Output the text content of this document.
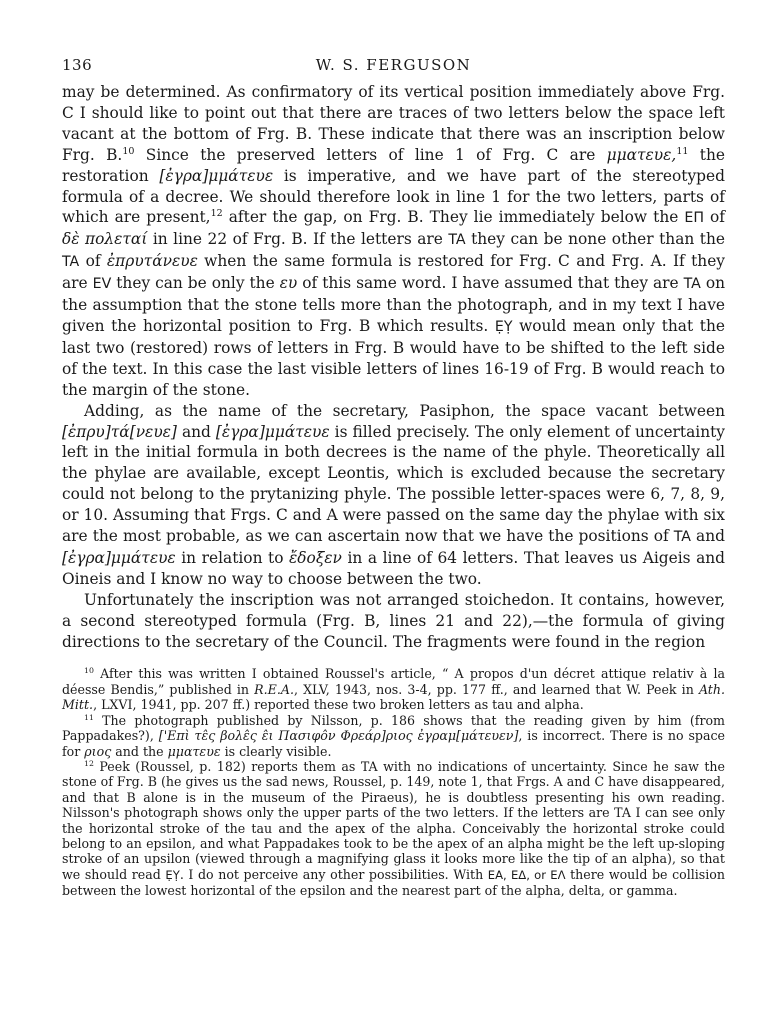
136	W. S. FERGUSON

may be determined. As confirmatory of its vertical position immediately above Frg. C I should like to point out that there are traces of two letters below the space left vacant at the bottom of Frg. B. These indicate that there was an inscription below Frg. B.$^{10}$ Since the preserved letters of line 1 of Frg. C are μματευε,$^{11}$ the restoration [ἐγρα]μμάτευε is imperative, and we have part of the stereotyped formula of a decree. We should therefore look in line 1 for the two letters, parts of which are present,$^{12}$ after the gap, on Frg. B. They lie immediately below the ΕΠ of δὲ πολεταί in line 22 of Frg. B. If the letters are TA they can be none other than the TA of ἐπρυτάνευε when the same formula is restored for Frg. C and Frg. A. If they are EV they can be only the ευ of this same word. I have assumed that they are TA on the assumption that the stone tells more than the photograph, and in my text I have given the horizontal position to Frg. B which results. ẸỴ would mean only that the last two (restored) rows of letters in Frg. B would have to be shifted to the left side of the text. In this case the last visible letters of lines 16-19 of Frg. B would reach to the margin of the stone.

Adding, as the name of the secretary, Pasiphon, the space vacant between [ἐπρυ]τά[νευε] and [ἐγρα]μμάτευε is filled precisely. The only element of uncertainty left in the initial formula in both decrees is the name of the phyle. Theoretically all the phylae are available, except Leontis, which is excluded because the secretary could not belong to the prytanizing phyle. The possible letter-spaces were 6, 7, 8, 9, or 10. Assuming that Frgs. C and A were passed on the same day the phylae with six are the most probable, as we can ascertain now that we have the positions of TA and [ἐγρα]μμάτευε in relation to ἔδοξεν in a line of 64 letters. That leaves us Aigeis and Oineis and I know no way to choose between the two.

Unfortunately the inscription was not arranged stoichedon. It contains, however, a second stereotyped formula (Frg. B, lines 21 and 22),—the formula of giving directions to the secretary of the Council. The fragments were found in the region

$^{10}$ After this was written I obtained Roussel's article, “ A propos d'un décret attique relativ à la déesse Bendis,” published in R.E.A., XLV, 1943, nos. 3-4, pp. 177 ff., and learned that W. Peek in Ath. Mitt., LXVI, 1941, pp. 207 ff.) reported these two broken letters as tau and alpha.

$^{11}$ The photograph published by Nilsson, p. 186 shows that the reading given by him (from Pappadakes?), ['Επὶ τε̂ς βολε̂ς ε̂ι Πασιφο̂ν Φρεάρ]ριος ἐγραμ[μάτευεν], is incorrect. There is no space for ριος and the μματευε is clearly visible.

$^{12}$ Peek (Roussel, p. 182) reports them as TA with no indications of uncertainty. Since he saw the stone of Frg. B (he gives us the sad news, Roussel, p. 149, note 1, that Frgs. A and C have disappeared, and that B alone is in the museum of the Piraeus), he is doubtless presenting his own reading. Nilsson's photograph shows only the upper parts of the two letters. If the letters are TA I can see only the horizontal stroke of the tau and the apex of the alpha. Conceivably the horizontal stroke could belong to an epsilon, and what Pappadakes took to be the apex of an alpha might be the left up-sloping stroke of an upsilon (viewed through a magnifying glass it looks more like the tip of an alpha), so that we should read ẸỴ. I do not perceive any other possibilities. With EA, EΔ, or EΛ there would be collision between the lowest horizontal of the epsilon and the nearest part of the alpha, delta, or gamma.
